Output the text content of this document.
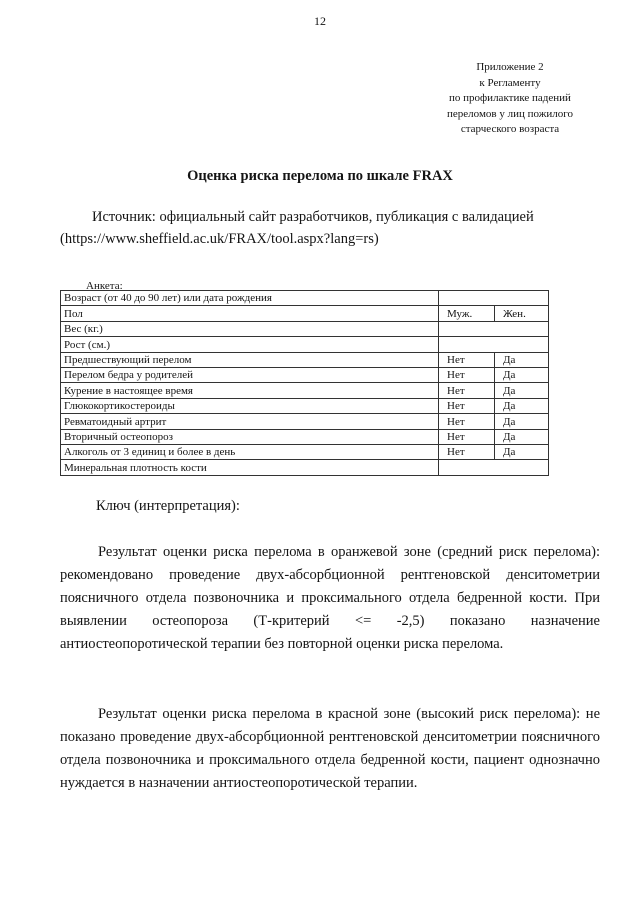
12
Приложение 2
к Регламенту
по профилактике падений
переломов у лиц пожилого
старческого возраста
Оценка риска перелома по шкале FRAX

Источник: официальный сайт разработчиков, публикация с валидацией (https://www.sheffield.ac.uk/FRAX/tool.aspx?lang=rs)

Анкета:
Возраст (от 40 до 90 лет) или дата рождения		
Пол	Муж.	Жен.
Вес (кг.)		
Рост (см.)		
Предшествующий перелом	Нет	Да
Перелом бедра у родителей	Нет	Да
Курение в настоящее время	Нет	Да
Глюкокортикостероиды	Нет	Да
Ревматоидный артрит	Нет	Да
Вторичный остеопороз	Нет	Да
Алкоголь от 3 единиц и более в день	Нет	Да
Минеральная плотность кости		
Ключ (интерпретация):

Результат оценки риска перелома в оранжевой зоне (средний риск перелома): рекомендовано проведение двух-абсорбционной рентгеновской денситометрии поясничного отдела позвоночника и проксимального отдела бедренной кости. При выявлении остеопороза (Т-критерий <= -2,5) показано назначение антиостеопоротической терапии без повторной оценки риска перелома.

Результат оценки риска перелома в красной зоне (высокий риск перелома): не показано проведение двух-абсорбционной рентгеновской денситометрии поясничного отдела позвоночника и проксимального отдела бедренной кости, пациент однозначно нуждается в назначении антиостеопоротической терапии.
